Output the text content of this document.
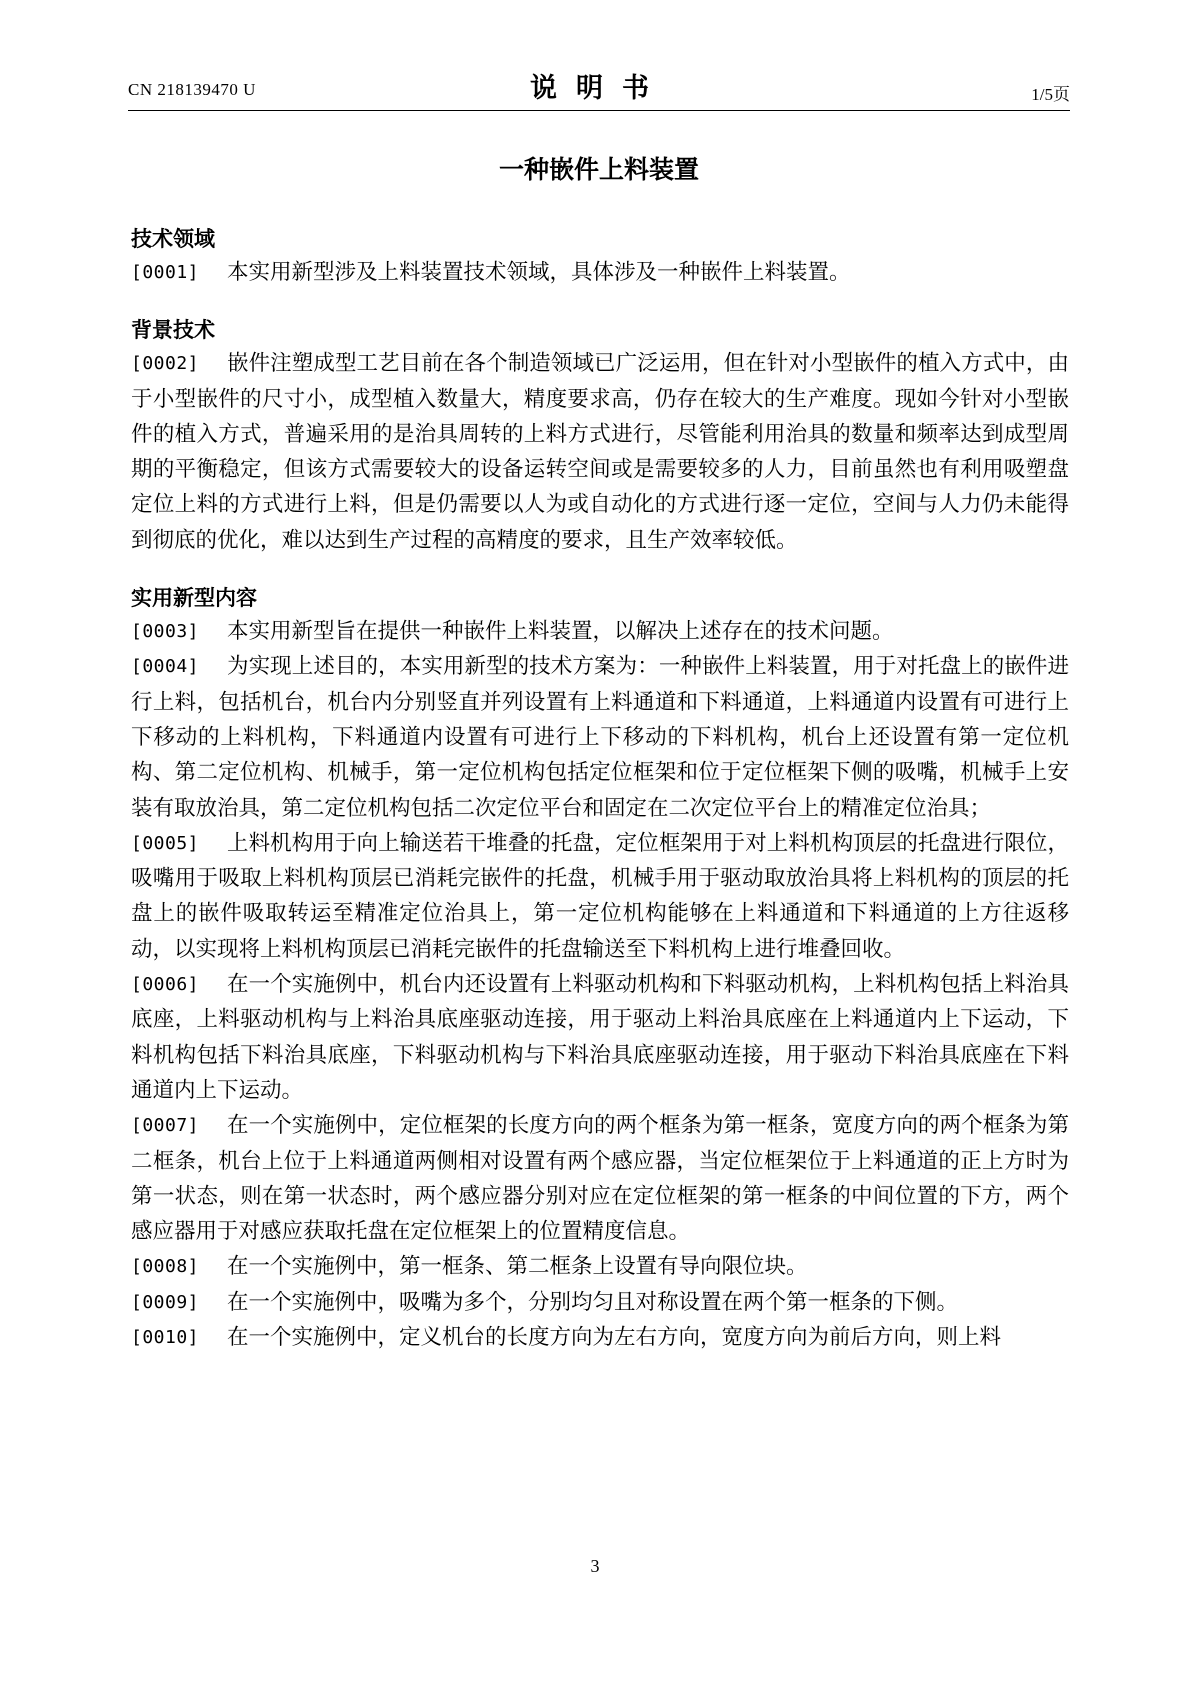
CN 218139470 U	说明书	1/5页
一种嵌件上料装置
技术领域
[0001]	本实用新型涉及上料装置技术领域，具体涉及一种嵌件上料装置。
背景技术
[0002]	嵌件注塑成型工艺目前在各个制造领域已广泛运用，但在针对小型嵌件的植入方式中，由于小型嵌件的尺寸小，成型植入数量大，精度要求高，仍存在较大的生产难度。现如今针对小型嵌件的植入方式，普遍采用的是治具周转的上料方式进行，尽管能利用治具的数量和频率达到成型周期的平衡稳定，但该方式需要较大的设备运转空间或是需要较多的人力，目前虽然也有利用吸塑盘定位上料的方式进行上料，但是仍需要以人为或自动化的方式进行逐一定位，空间与人力仍未能得到彻底的优化，难以达到生产过程的高精度的要求，且生产效率较低。
实用新型内容
[0003]	本实用新型旨在提供一种嵌件上料装置，以解决上述存在的技术问题。
[0004]	为实现上述目的，本实用新型的技术方案为：一种嵌件上料装置，用于对托盘上的嵌件进行上料，包括机台，机台内分别竖直并列设置有上料通道和下料通道，上料通道内设置有可进行上下移动的上料机构，下料通道内设置有可进行上下移动的下料机构，机台上还设置有第一定位机构、第二定位机构、机械手，第一定位机构包括定位框架和位于定位框架下侧的吸嘴，机械手上安装有取放治具，第二定位机构包括二次定位平台和固定在二次定位平台上的精准定位治具；
[0005]	上料机构用于向上输送若干堆叠的托盘，定位框架用于对上料机构顶层的托盘进行限位，吸嘴用于吸取上料机构顶层已消耗完嵌件的托盘，机械手用于驱动取放治具将上料机构的顶层的托盘上的嵌件吸取转运至精准定位治具上，第一定位机构能够在上料通道和下料通道的上方往返移动，以实现将上料机构顶层已消耗完嵌件的托盘输送至下料机构上进行堆叠回收。
[0006]	在一个实施例中，机台内还设置有上料驱动机构和下料驱动机构，上料机构包括上料治具底座，上料驱动机构与上料治具底座驱动连接，用于驱动上料治具底座在上料通道内上下运动，下料机构包括下料治具底座，下料驱动机构与下料治具底座驱动连接，用于驱动下料治具底座在下料通道内上下运动。
[0007]	在一个实施例中，定位框架的长度方向的两个框条为第一框条，宽度方向的两个框条为第二框条，机台上位于上料通道两侧相对设置有两个感应器，当定位框架位于上料通道的正上方时为第一状态，则在第一状态时，两个感应器分别对应在定位框架的第一框条的中间位置的下方，两个感应器用于对感应获取托盘在定位框架上的位置精度信息。
[0008]	在一个实施例中，第一框条、第二框条上设置有导向限位块。
[0009]	在一个实施例中，吸嘴为多个，分别均匀且对称设置在两个第一框条的下侧。
[0010]	在一个实施例中，定义机台的长度方向为左右方向，宽度方向为前后方向，则上料
3
